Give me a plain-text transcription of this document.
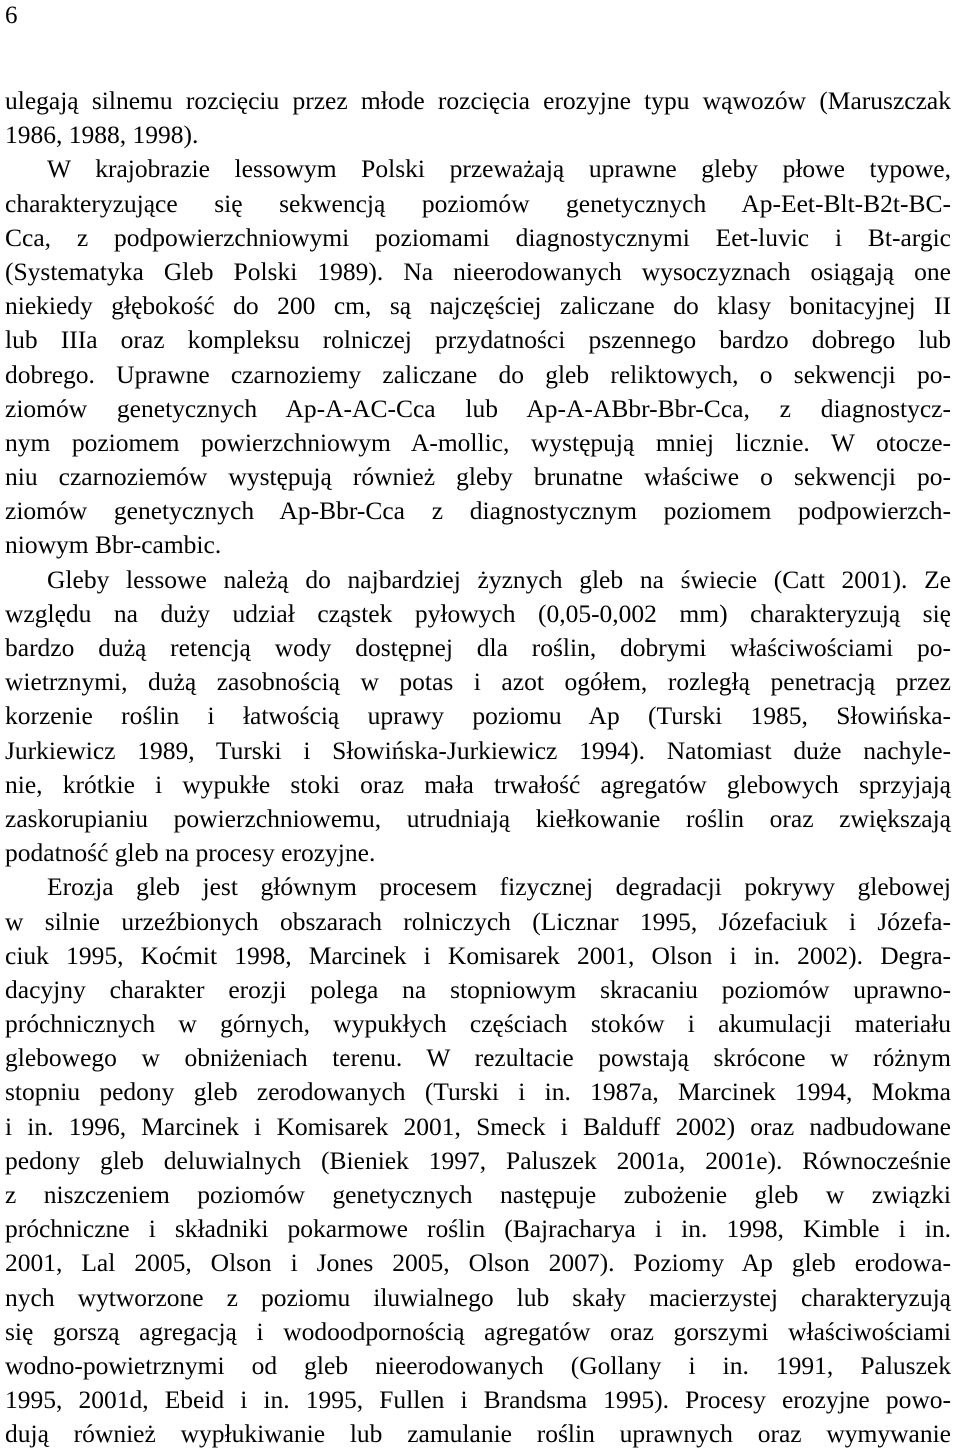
6
ulegają silnemu rozcięciu przez młode rozcięcia erozyjne typu wąwozów (Maruszczak
1986, 1988, 1998).
W krajobrazie lessowym Polski przeważają uprawne gleby płowe typowe,
charakteryzujące się sekwencją poziomów genetycznych Ap-Eet-Blt-B2t-BC-
Cca, z podpowierzchniowymi poziomami diagnostycznymi Eet-luvic i Bt-argic
(Systematyka Gleb Polski 1989). Na nieerodowanych wysoczyznach osiągają one
niekiedy głębokość do 200 cm, są najczęściej zaliczane do klasy bonitacyjnej II
lub IIIa oraz kompleksu rolniczej przydatności pszennego bardzo dobrego lub
dobrego. Uprawne czarnoziemy zaliczane do gleb reliktowych, o sekwencji po-
ziomów genetycznych Ap-A-AC-Cca lub Ap-A-ABbr-Bbr-Cca, z diagnostycz-
nym poziomem powierzchniowym A-mollic, występują mniej licznie. W otocze-
niu czarnoziemów występują również gleby brunatne właściwe o sekwencji po-
ziomów genetycznych Ap-Bbr-Cca z diagnostycznym poziomem podpowierzch-
niowym Bbr-cambic.
Gleby lessowe należą do najbardziej żyznych gleb na świecie (Catt 2001). Ze
względu na duży udział cząstek pyłowych (0,05-0,002 mm) charakteryzują się
bardzo dużą retencją wody dostępnej dla roślin, dobrymi właściwościami po-
wietrznymi, dużą zasobnością w potas i azot ogółem, rozległą penetracją przez
korzenie roślin i łatwością uprawy poziomu Ap (Turski 1985, Słowińska-
Jurkiewicz 1989, Turski i Słowińska-Jurkiewicz 1994). Natomiast duże nachyle-
nie, krótkie i wypukłe stoki oraz mała trwałość agregatów glebowych sprzyjają
zaskorupianiu powierzchniowemu, utrudniają kiełkowanie roślin oraz zwiększają
podatność gleb na procesy erozyjne.
Erozja gleb jest głównym procesem fizycznej degradacji pokrywy glebowej
w silnie urzeźbionych obszarach rolniczych (Licznar 1995, Józefaciuk i Józefa-
ciuk 1995, Koćmit 1998, Marcinek i Komisarek 2001, Olson i in. 2002). Degra-
dacyjny charakter erozji polega na stopniowym skracaniu poziomów uprawno-
próchnicznych w górnych, wypukłych częściach stoków i akumulacji materiału
glebowego w obniżeniach terenu. W rezultacie powstają skrócone w różnym
stopniu pedony gleb zerodowanych (Turski i in. 1987a, Marcinek 1994, Mokma
i in. 1996, Marcinek i Komisarek 2001, Smeck i Balduff 2002) oraz nadbudowane
pedony gleb deluwialnych (Bieniek 1997, Paluszek 2001a, 2001e). Równocześnie
z niszczeniem poziomów genetycznych następuje zubożenie gleb w związki
próchniczne i składniki pokarmowe roślin (Bajracharya i in. 1998, Kimble i in.
2001, Lal 2005, Olson i Jones 2005, Olson 2007). Poziomy Ap gleb erodowa-
nych wytworzone z poziomu iluwialnego lub skały macierzystej charakteryzują
się gorszą agregacją i wodoodpornością agregatów oraz gorszymi właściwościami
wodno-powietrznymi od gleb nieerodowanych (Gollany i in. 1991, Paluszek
1995, 2001d, Ebeid i in. 1995, Fullen i Brandsma 1995). Procesy erozyjne powo-
dują również wypłukiwanie lub zamulanie roślin uprawnych oraz wymywanie
